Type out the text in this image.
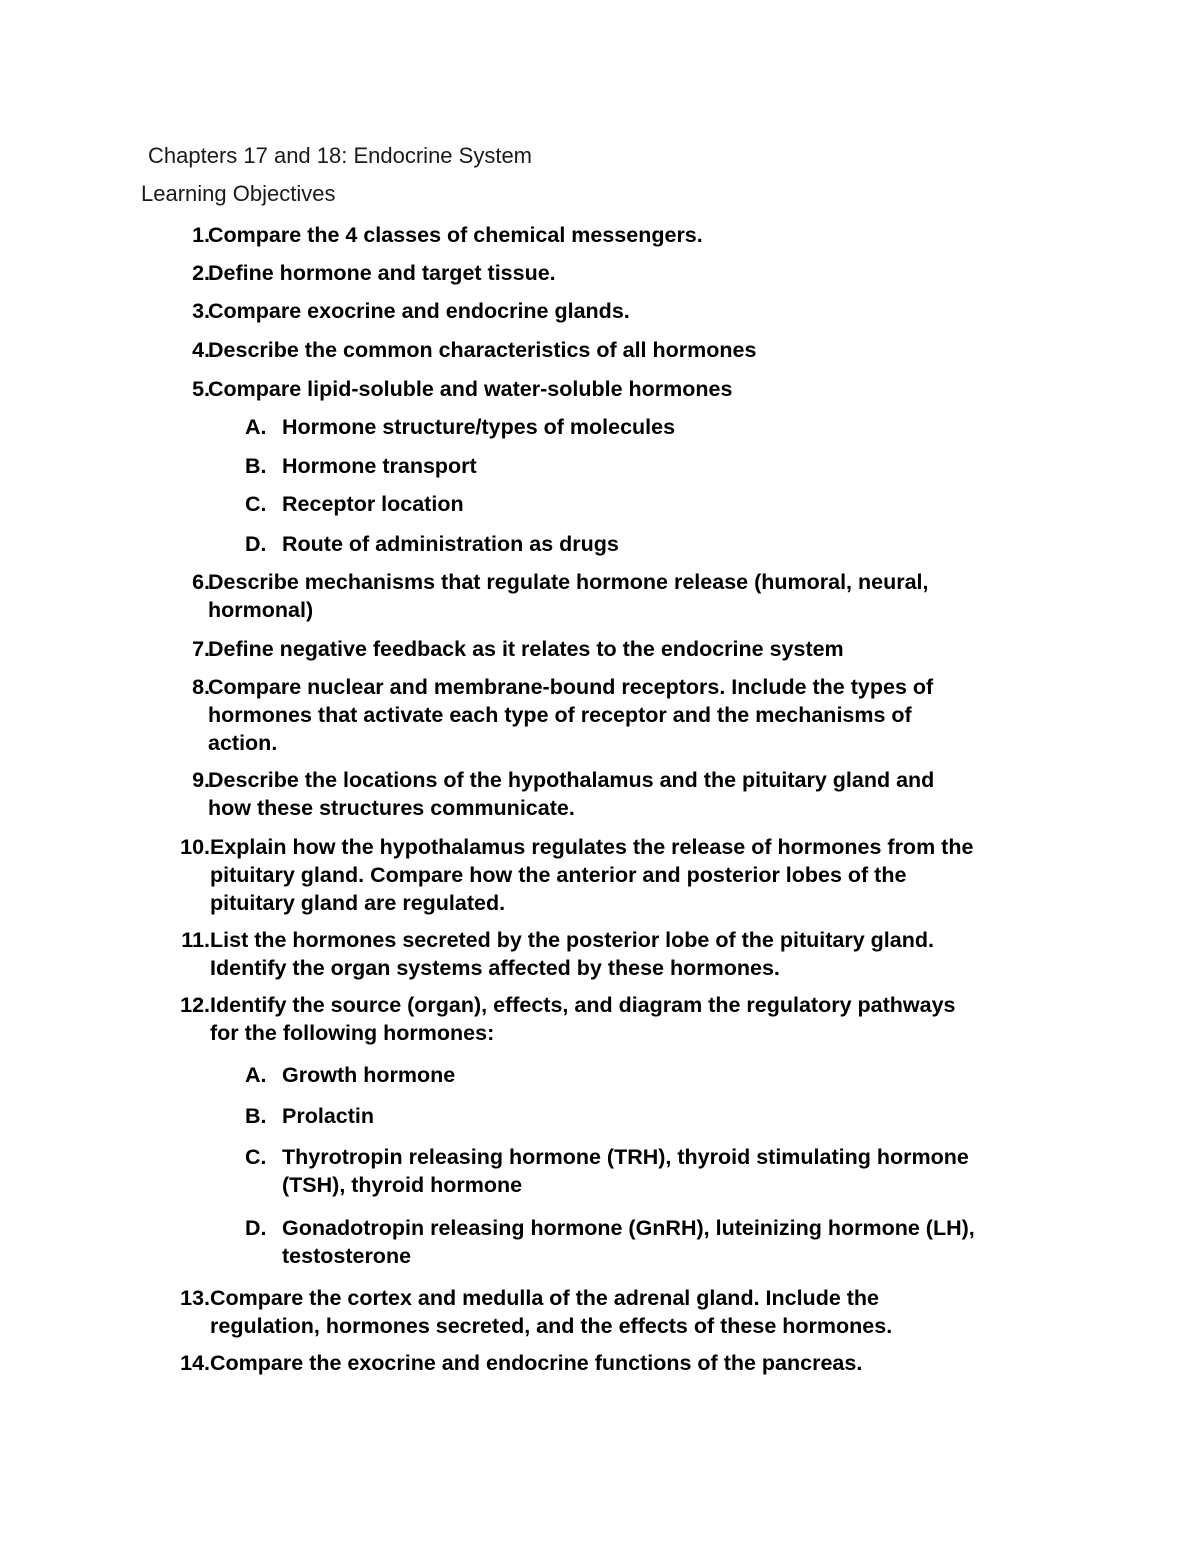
Chapters 17 and 18: Endocrine System
Learning Objectives
1.
Compare the 4 classes of chemical messengers.
2.
Define hormone and target tissue.
3.
Compare exocrine and endocrine glands.
4.
Describe the common characteristics of all hormones
5.
Compare lipid-soluble and water-soluble hormones
A. Hormone structure/types of molecules
B. Hormone transport
C. Receptor location
D. Route of administration as drugs
6.
Describe mechanisms that regulate hormone release (humoral, neural,
hormonal)
7.
Define negative feedback as it relates to the endocrine system
8.
Compare nuclear and membrane-bound receptors. Include the types of
hormones that activate each type of receptor and the mechanisms of
action.
9.
Describe the locations of the hypothalamus and the pituitary gland and
how these structures communicate.
10. Explain how the hypothalamus regulates the release of hormones from the
pituitary gland. Compare how the anterior and posterior lobes of the
pituitary gland are regulated.
11. List the hormones secreted by the posterior lobe of the pituitary gland.
Identify the organ systems affected by these hormones.
12. Identify the source (organ), effects, and diagram the regulatory pathways
for the following hormones:
A. Growth hormone
B. Prolactin
C. Thyrotropin releasing hormone (TRH), thyroid stimulating hormone
(TSH), thyroid hormone
D. Gonadotropin releasing hormone (GnRH), luteinizing hormone (LH),
testosterone
13. Compare the cortex and medulla of the adrenal gland. Include the
regulation, hormones secreted, and the effects of these hormones.
14. Compare the exocrine and endocrine functions of the pancreas.
